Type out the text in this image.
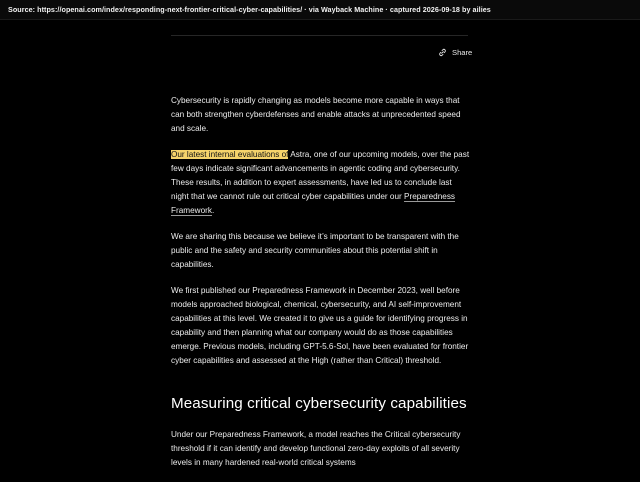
Source: https://openai.com/index/responding-next-frontier-critical-cyber-capabilities/ · via Wayback Machine · captured 2026-09-18 by ailies
Share

Cybersecurity is rapidly changing as models become more capable in ways that can both strengthen cyberdefenses and enable attacks at unprecedented speed and scale.

Our latest internal evaluations of Astra, one of our upcoming models, over the past few days indicate significant advancements in agentic coding and cybersecurity. These results, in addition to expert assessments, have led us to conclude last night that we cannot rule out critical cyber capabilities under our Preparedness Framework.

We are sharing this because we believe it’s important to be transparent with the public and the safety and security communities about this potential shift in capabilities.

We first published our Preparedness Framework in December 2023, well before models approached biological, chemical, cybersecurity, and AI self-improvement capabilities at this level. We created it to give us a guide for identifying progress in capability and then planning what our company would do as those capabilities emerge. Previous models, including GPT-5.6-Sol, have been evaluated for frontier cyber capabilities and assessed at the High (rather than Critical) threshold.

Measuring critical cybersecurity capabilities

Under our Preparedness Framework, a model reaches the Critical cybersecurity threshold if it can identify and develop functional zero-day exploits of all severity levels in many hardened real-world critical systems
